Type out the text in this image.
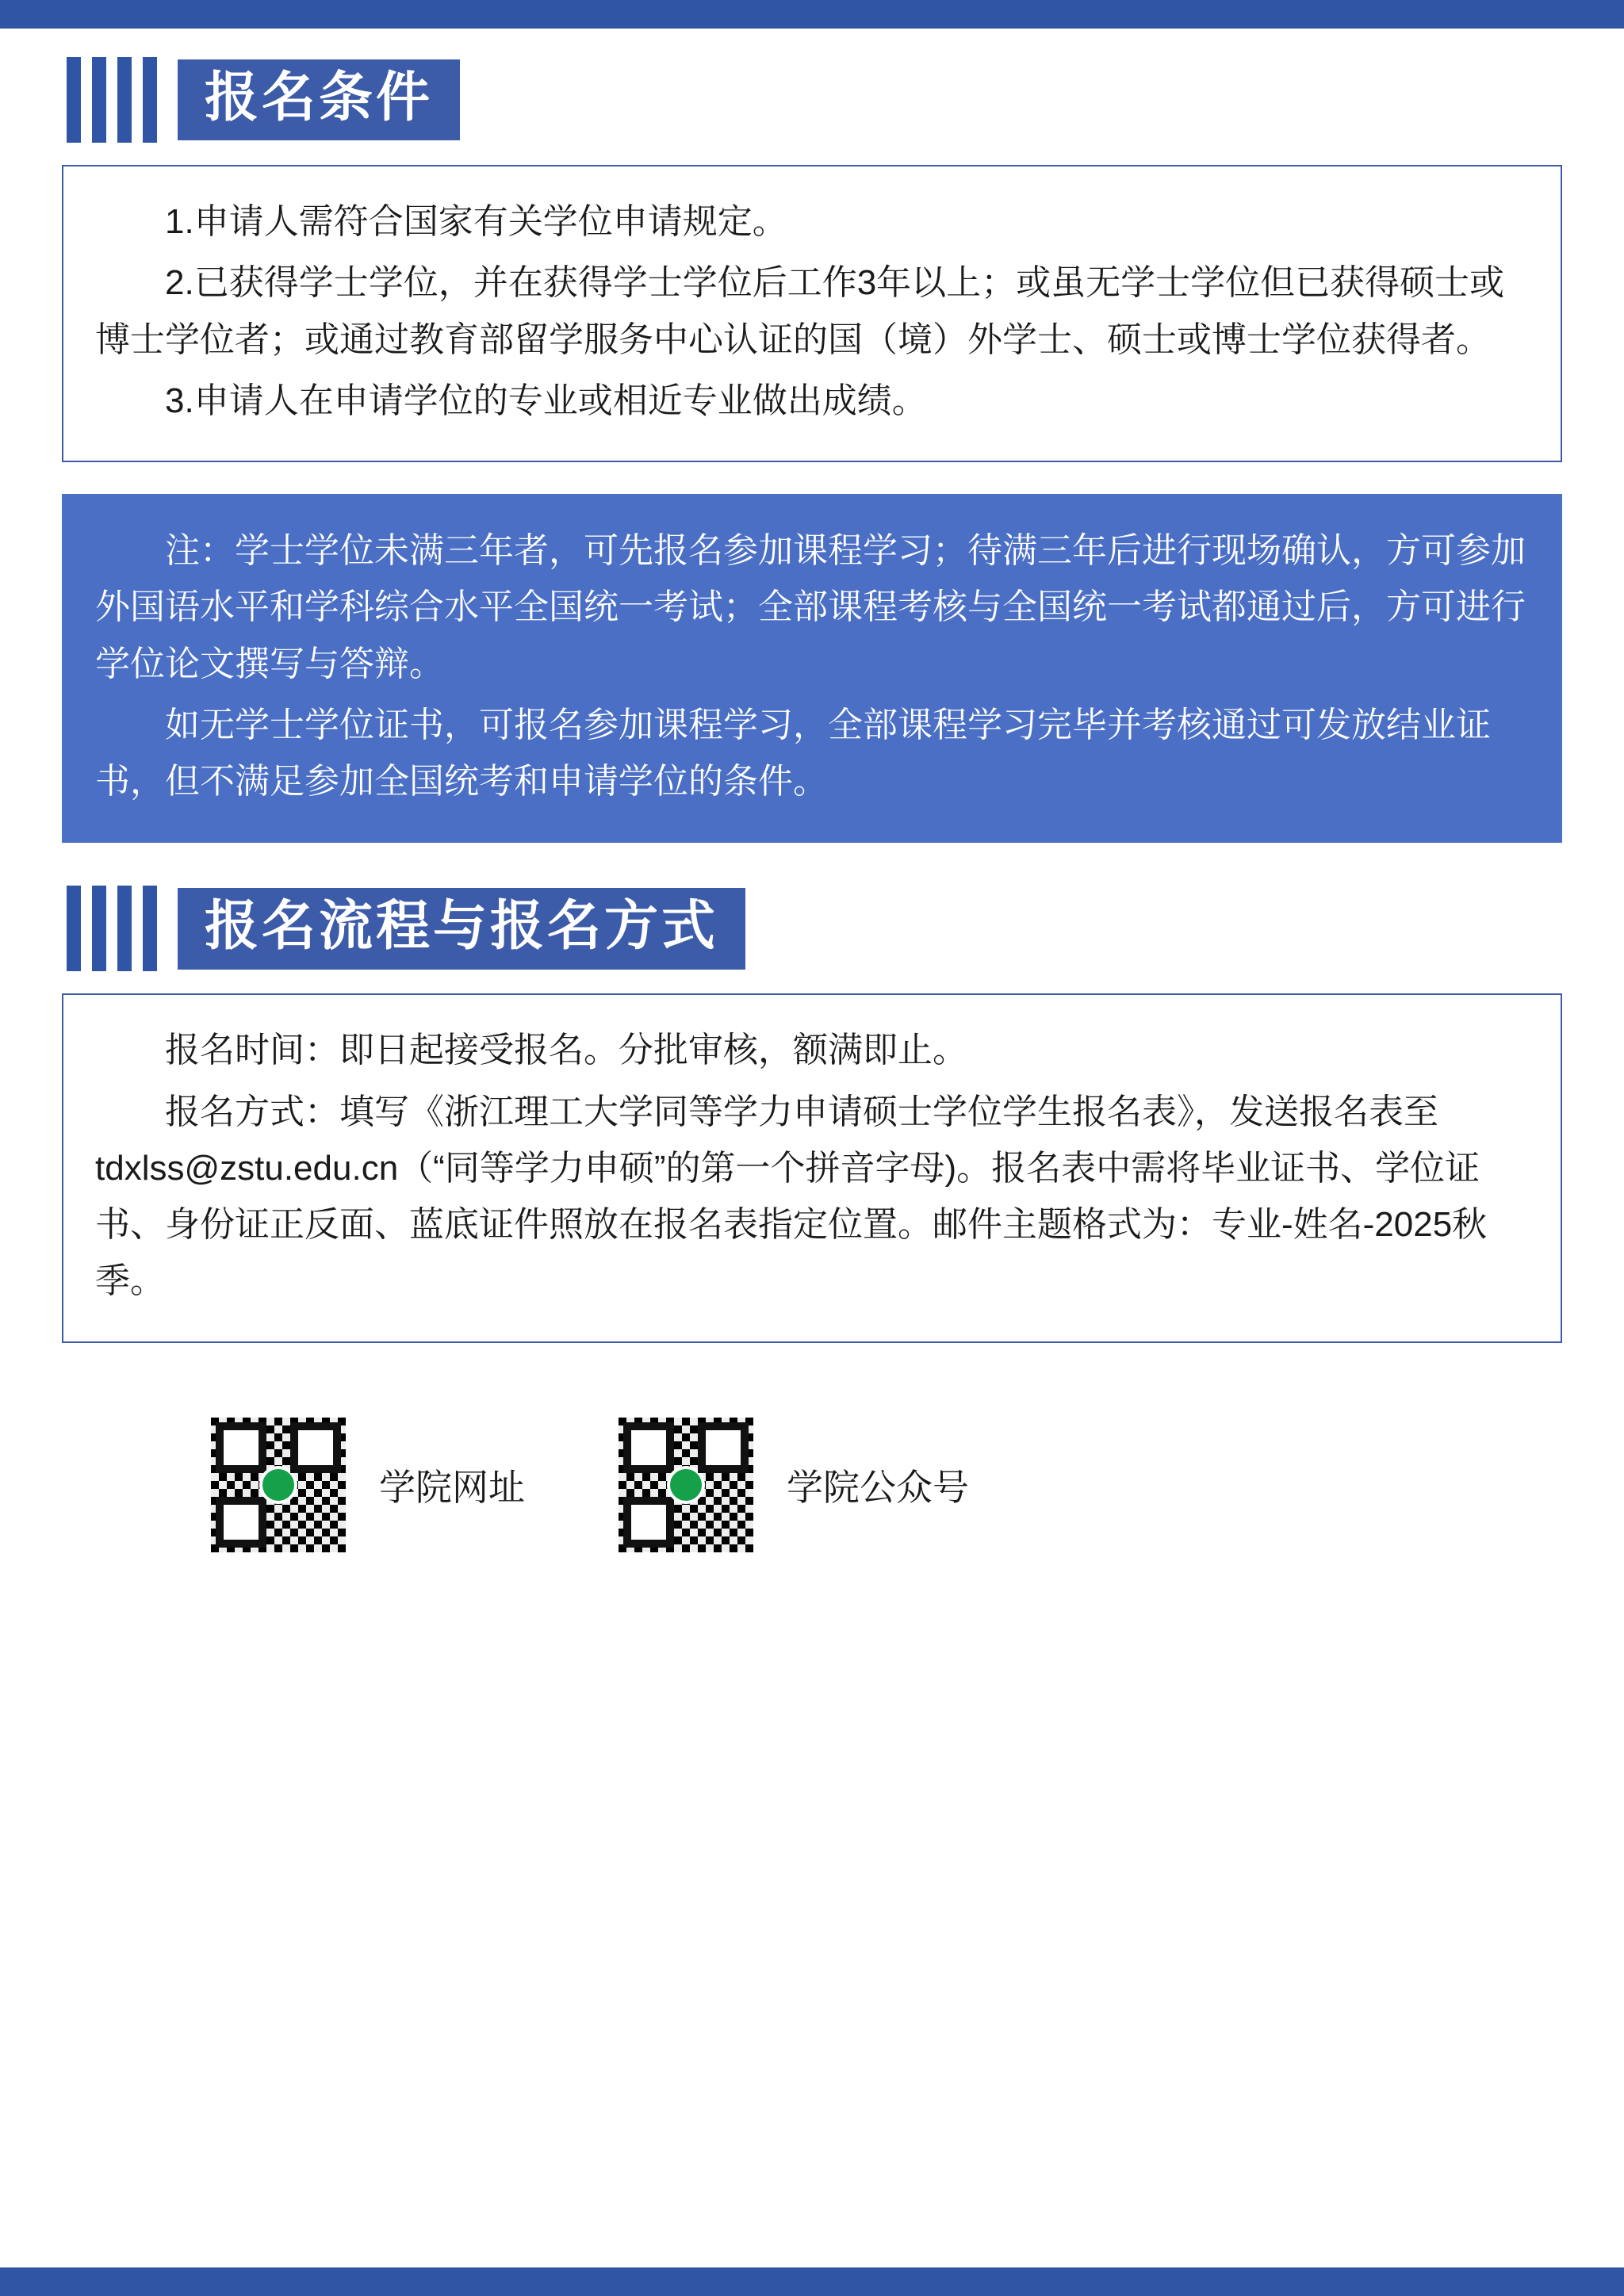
报名条件

1.申请人需符合国家有关学位申请规定。

2.已获得学士学位，并在获得学士学位后工作3年以上；或虽无学士学位但已获得硕士或博士学位者；或通过教育部留学服务中心认证的国（境）外学士、硕士或博士学位获得者。

3.申请人在申请学位的专业或相近专业做出成绩。

注：学士学位未满三年者，可先报名参加课程学习；待满三年后进行现场确认，方可参加外国语水平和学科综合水平全国统一考试；全部课程考核与全国统一考试都通过后，方可进行学位论文撰写与答辩。

如无学士学位证书，可报名参加课程学习，全部课程学习完毕并考核通过可发放结业证书，但不满足参加全国统考和申请学位的条件。

报名流程与报名方式

报名时间：即日起接受报名。分批审核，额满即止。

报名方式：填写《浙江理工大学同等学力申请硕士学位学生报名表》，发送报名表至tdxlss@zstu.edu.cn（“同等学力申硕”的第一个拼音字母)。报名表中需将毕业证书、学位证书、身份证正反面、蓝底证件照放在报名表指定位置。邮件主题格式为：专业-姓名-2025秋季。

学院网址	学院公众号
